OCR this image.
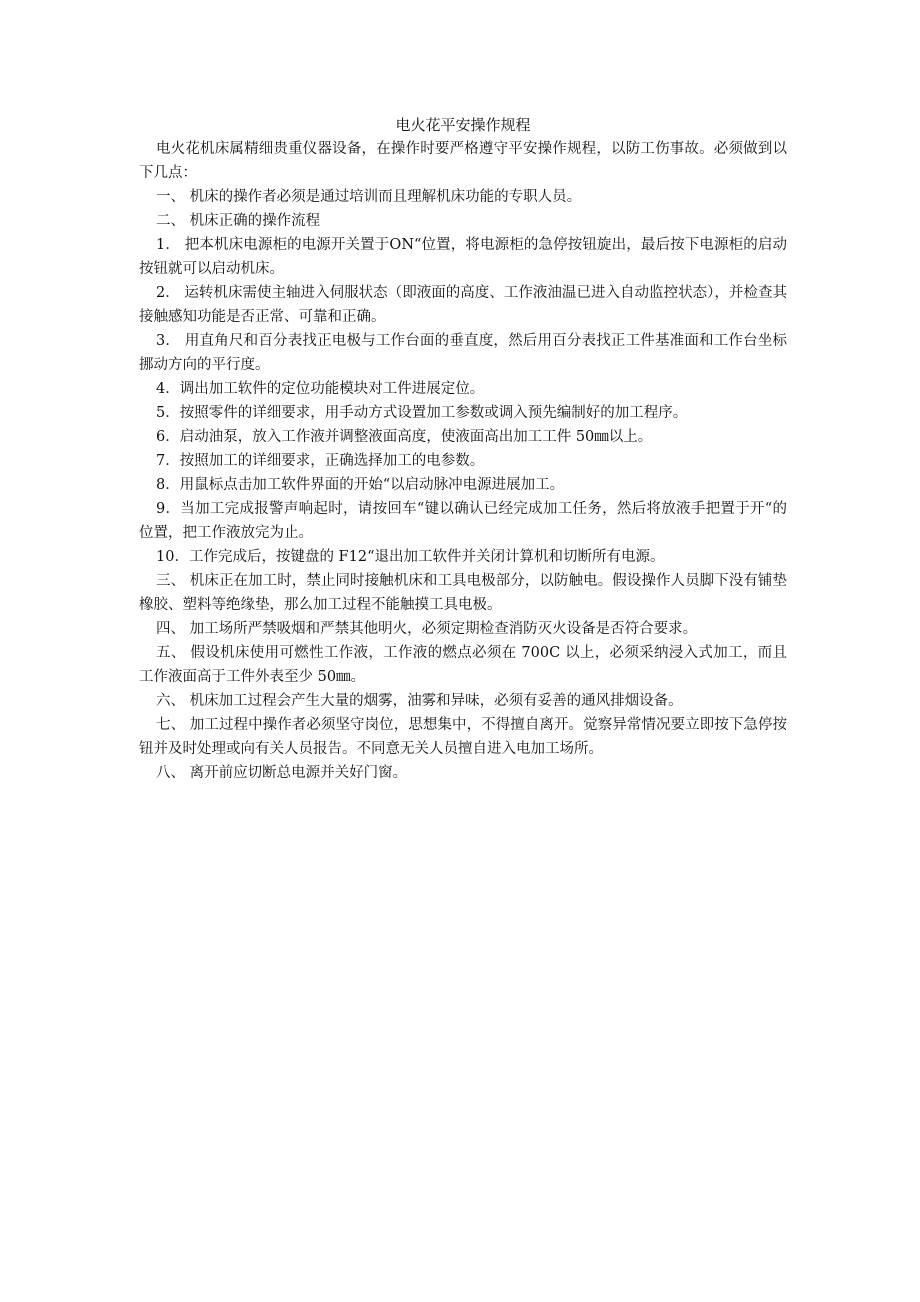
电火花平安操作规程

电火花机床属精细贵重仪器设备，在操作时要严格遵守平安操作规程，以防工伤事故。必须做到以下几点：

一、 机床的操作者必须是通过培训而且理解机床功能的专职人员。

二、 机床正确的操作流程

1． 把本机床电源柜的电源开关置于ON“位置，将电源柜的急停按钮旋出，最后按下电源柜的启动按钮就可以启动机床。

2． 运转机床需使主轴进入伺服状态（即液面的高度、工作液油温已进入自动监控状态），并检查其接触感知功能是否正常、可靠和正确。

3． 用直角尺和百分表找正电极与工作台面的垂直度，然后用百分表找正工件基准面和工作台坐标挪动方向的平行度。

4．调出加工软件的定位功能模块对工件进展定位。

5．按照零件的详细要求，用手动方式设置加工参数或调入预先编制好的加工程序。

6．启动油泵，放入工作液并调整液面高度，使液面高出加工工件 50㎜以上。

7．按照加工的详细要求，正确选择加工的电参数。

8．用鼠标点击加工软件界面的开始“以启动脉冲电源进展加工。

9．当加工完成报警声响起时，请按回车“键以确认已经完成加工任务，然后将放液手把置于开“的位置，把工作液放完为止。

10．工作完成后，按键盘的 F12“退出加工软件并关闭计算机和切断所有电源。

三、 机床正在加工时，禁止同时接触机床和工具电极部分，以防触电。假设操作人员脚下没有铺垫橡胶、塑料等绝缘垫，那么加工过程不能触摸工具电极。

四、 加工场所严禁吸烟和严禁其他明火，必须定期检查消防灭火设备是否符合要求。

五、 假设机床使用可燃性工作液，工作液的燃点必须在 700C 以上，必须采纳浸入式加工，而且工作液面高于工件外表至少 50㎜。

六、 机床加工过程会产生大量的烟雾，油雾和异味，必须有妥善的通风排烟设备。

七、 加工过程中操作者必须坚守岗位，思想集中，不得擅自离开。觉察异常情况要立即按下急停按钮并及时处理或向有关人员报告。不同意无关人员擅自进入电加工场所。

八、 离开前应切断总电源并关好门窗。
